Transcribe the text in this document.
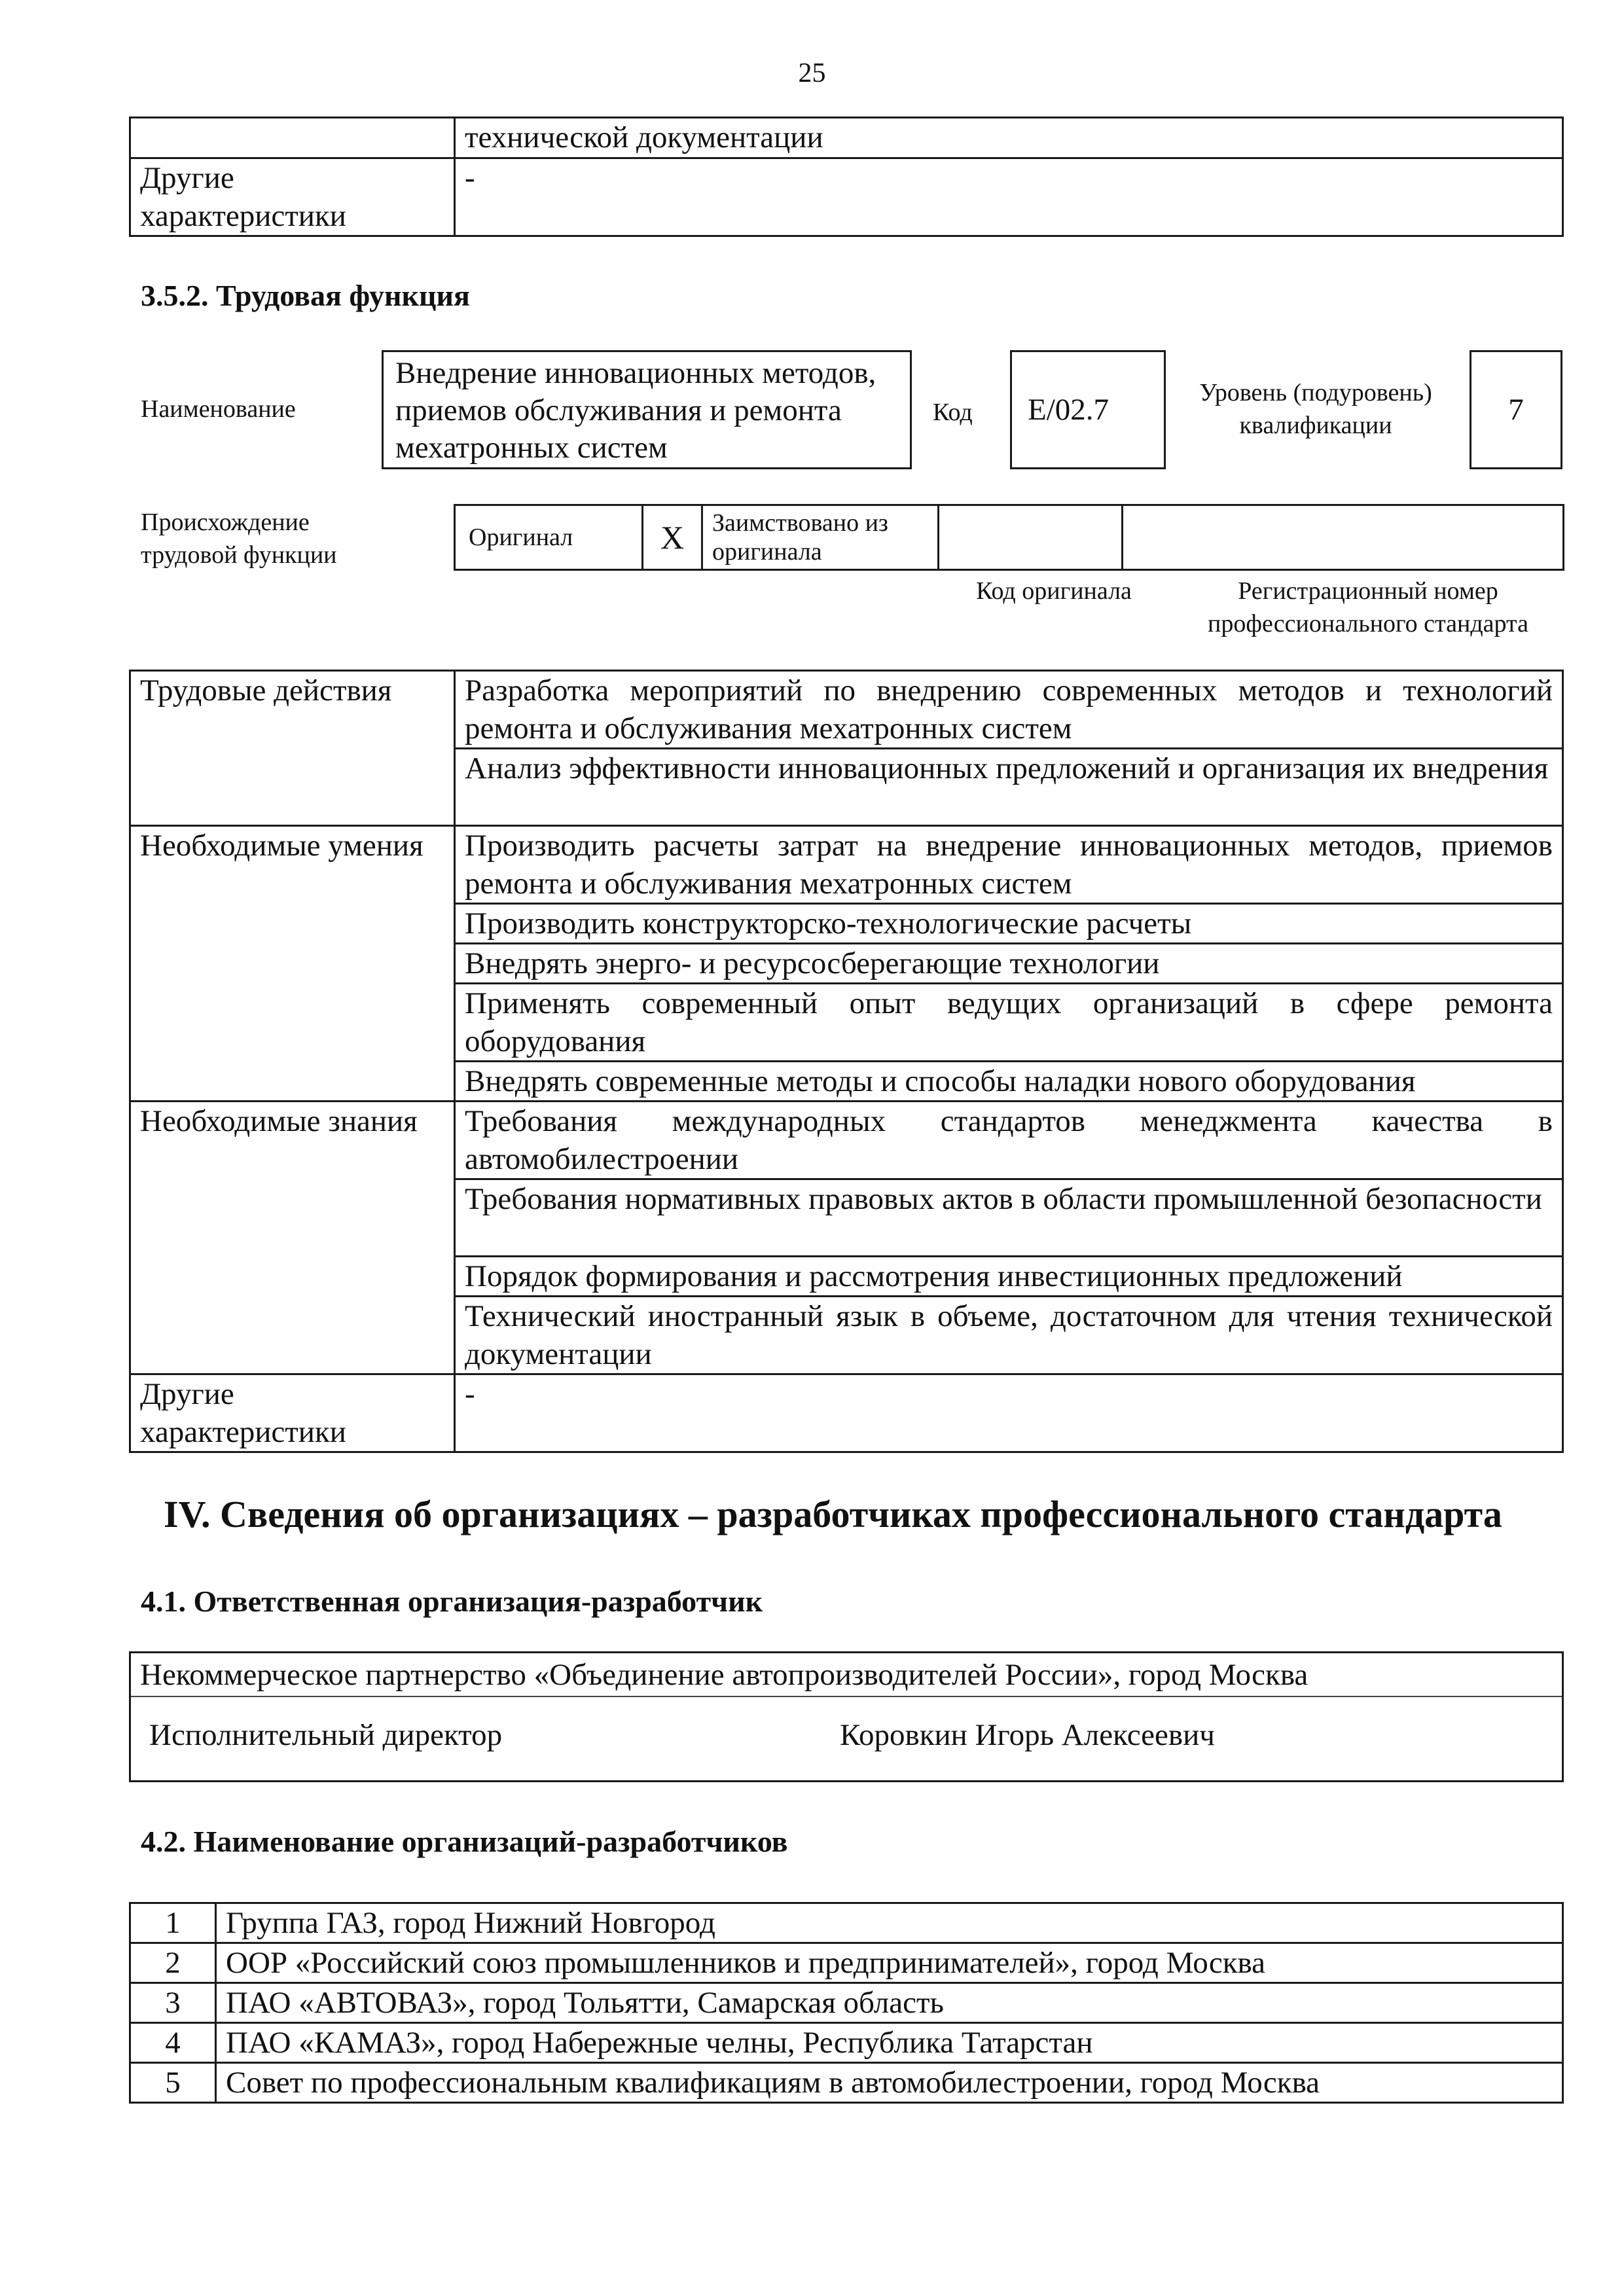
25
	технической документации
Другие характеристики	-
3.5.2. Трудовая функция
Наименование
Внедрение инновационных методов, приемов обслуживания и ремонта мехатронных систем
Код	E/02.7	Уровень (подуровень) квалификации	7
Происхождение трудовой функции
Оригинал	X	Заимствовано из оригинала		
Код оригинала	Регистрационный номер профессионального стандарта
Трудовые действия	Разработка мероприятий по внедрению современных методов и технологий ремонта и обслуживания мехатронных систем
	Анализ эффективности инновационных предложений и организация их внедрения
Необходимые умения	Производить расчеты затрат на внедрение инновационных методов, приемов ремонта и обслуживания мехатронных систем
	Производить конструкторско-технологические расчеты
	Внедрять энерго- и ресурсосберегающие технологии
	Применять современный опыт ведущих организаций в сфере ремонта оборудования
	Внедрять современные методы и способы наладки нового оборудования
Необходимые знания	Требования международных стандартов менеджмента качества в автомобилестроении
	Требования нормативных правовых актов в области промышленной безопасности
	Порядок формирования и рассмотрения инвестиционных предложений
	Технический иностранный язык в объеме, достаточном для чтения технической документации
Другие характеристики	-
IV. Сведения об организациях – разработчиках профессионального стандарта
4.1. Ответственная организация-разработчик
Некоммерческое партнерство «Объединение автопроизводителей России», город Москва
Исполнительный директор	Коровкин Игорь Алексеевич
4.2. Наименование организаций-разработчиков
1	Группа ГАЗ, город Нижний Новгород
2	ООР «Российский союз промышленников и предпринимателей», город Москва
3	ПАО «АВТОВАЗ», город Тольятти, Самарская область
4	ПАО «КАМАЗ», город Набережные челны, Республика Татарстан
5	Совет по профессиональным квалификациям в автомобилестроении, город Москва
